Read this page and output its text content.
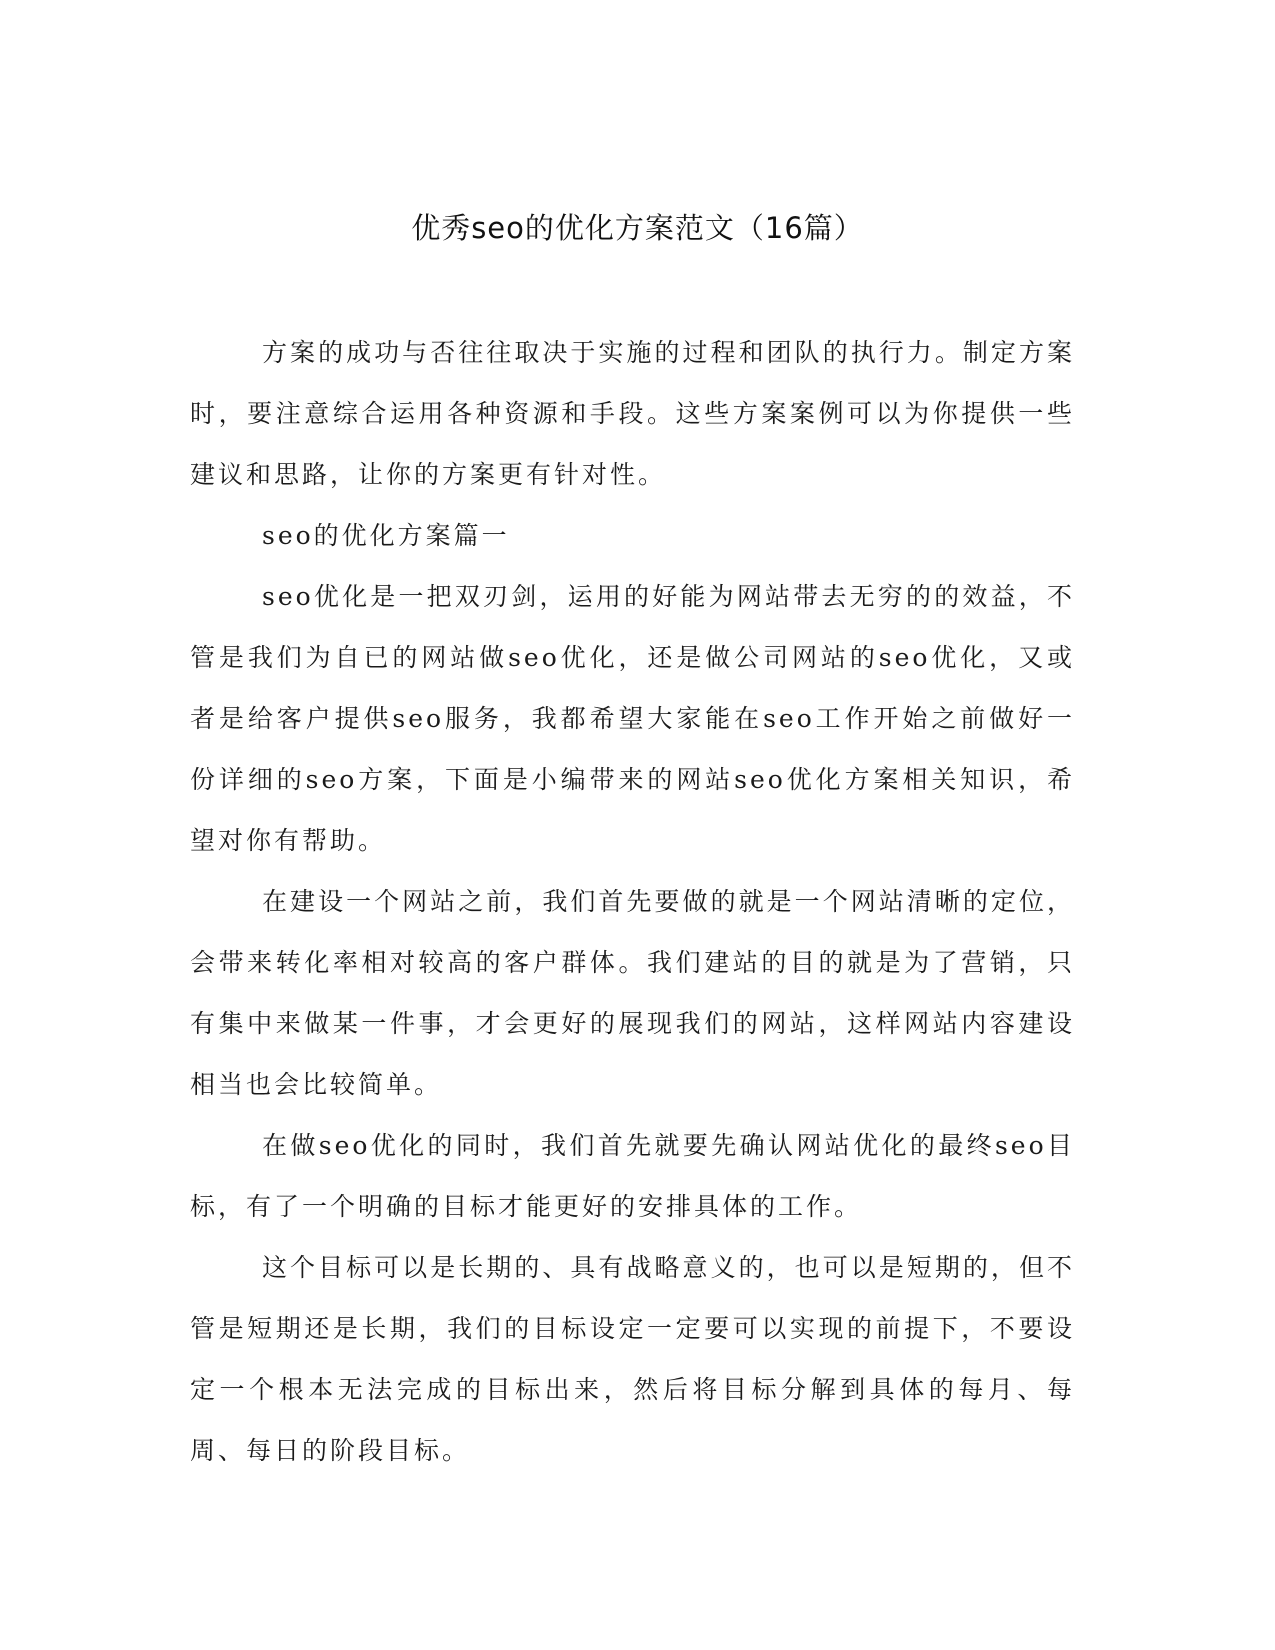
优秀seo的优化方案范文（16篇）

方案的成功与否往往取决于实施的过程和团队的执行力。制定方案时，要注意综合运用各种资源和手段。这些方案案例可以为你提供一些建议和思路，让你的方案更有针对性。

seo的优化方案篇一

seo优化是一把双刃剑，运用的好能为网站带去无穷的的效益，不管是我们为自已的网站做seo优化，还是做公司网站的seo优化，又或者是给客户提供seo服务，我都希望大家能在seo工作开始之前做好一份详细的seo方案，下面是小编带来的网站seo优化方案相关知识，希望对你有帮助。

在建设一个网站之前，我们首先要做的就是一个网站清晰的定位，会带来转化率相对较高的客户群体。我们建站的目的就是为了营销，只有集中来做某一件事，才会更好的展现我们的网站，这样网站内容建设相当也会比较简单。

在做seo优化的同时，我们首先就要先确认网站优化的最终seo目标，有了一个明确的目标才能更好的安排具体的工作。

这个目标可以是长期的、具有战略意义的，也可以是短期的，但不管是短期还是长期，我们的目标设定一定要可以实现的前提下，不要设定一个根本无法完成的目标出来，然后将目标分解到具体的每月、每周、每日的阶段目标。
